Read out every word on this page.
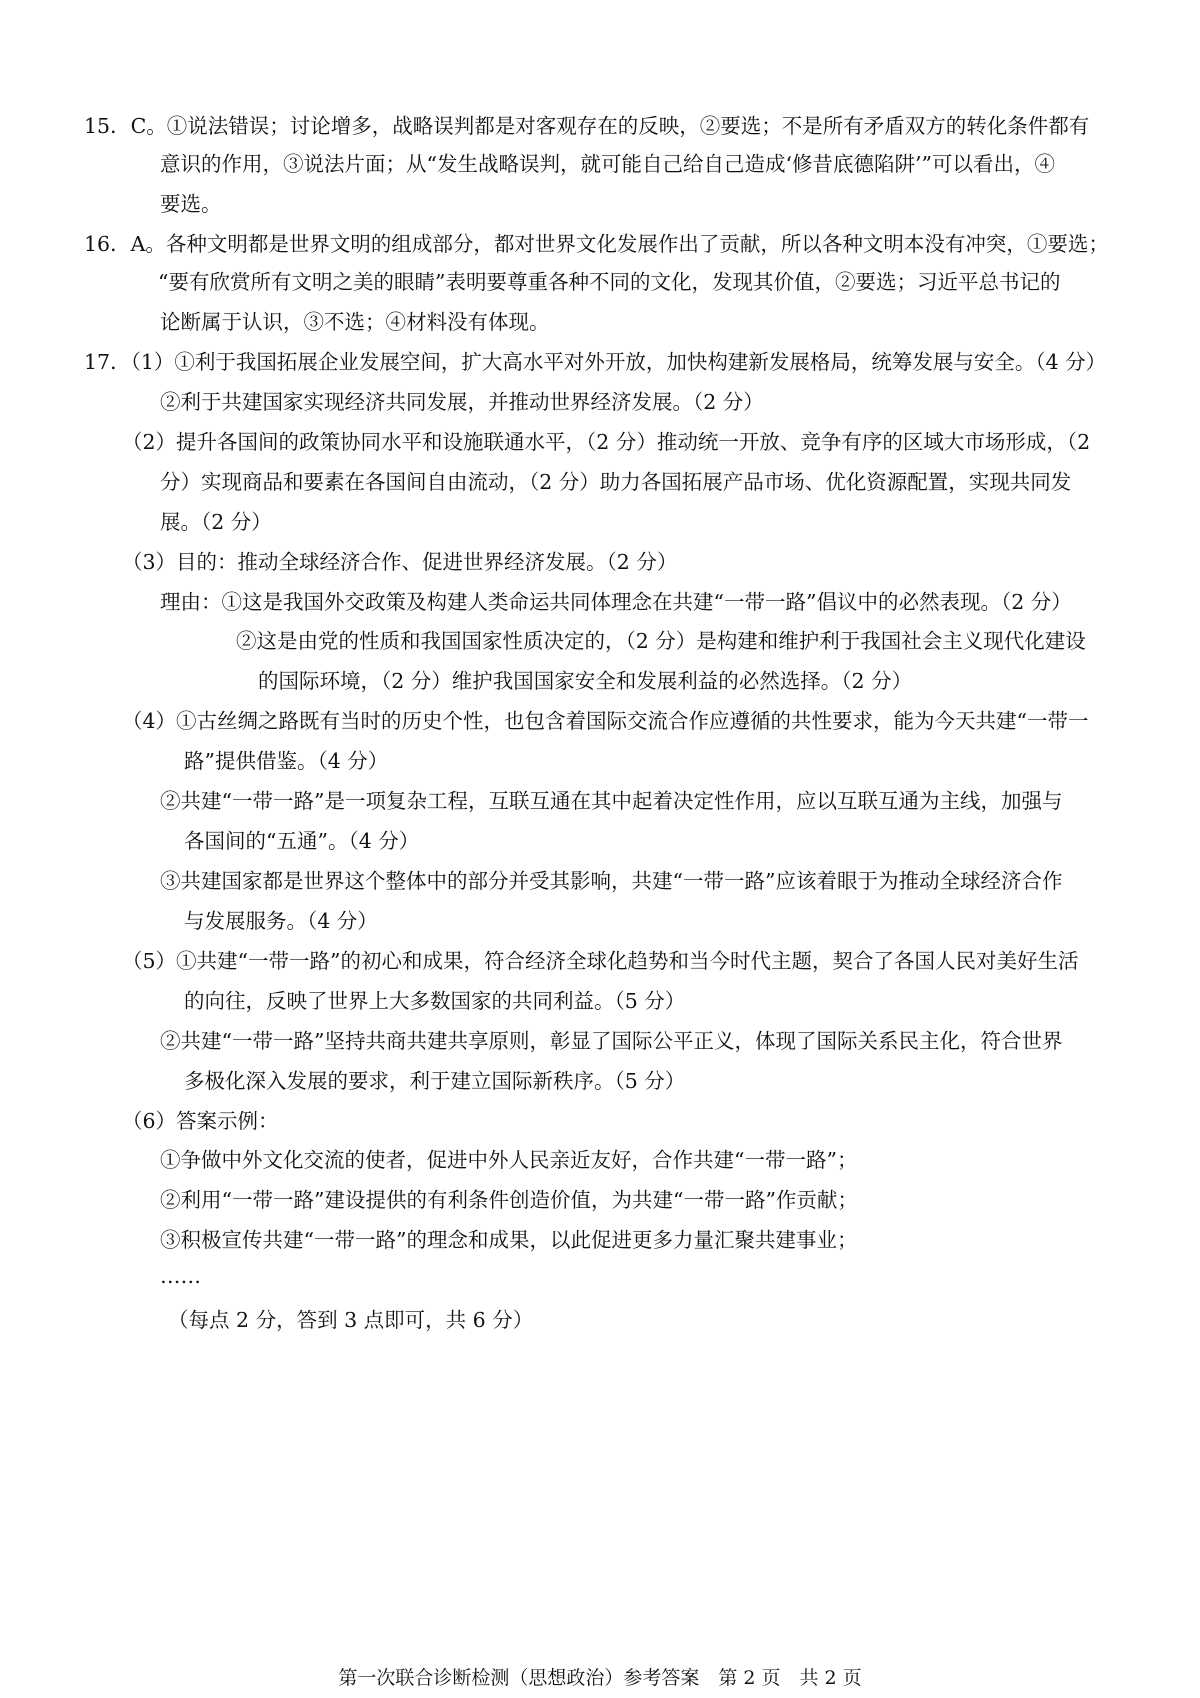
15．C。①说法错误；讨论增多，战略误判都是对客观存在的反映，②要选；不是所有矛盾双方的转化条件都有
意识的作用，③说法片面；从“发生战略误判，就可能自己给自己造成‘修昔底德陷阱’”可以看出，④
要选。
16．A。各种文明都是世界文明的组成部分，都对世界文化发展作出了贡献，所以各种文明本没有冲突，①要选；
“要有欣赏所有文明之美的眼睛”表明要尊重各种不同的文化，发现其价值，②要选；习近平总书记的
论断属于认识，③不选；④材料没有体现。
17．（1）①利于我国拓展企业发展空间，扩大高水平对外开放，加快构建新发展格局，统筹发展与安全。（4 分）
②利于共建国家实现经济共同发展，并推动世界经济发展。（2 分）
（2）提升各国间的政策协同水平和设施联通水平，（2 分）推动统一开放、竞争有序的区域大市场形成，（2
分）实现商品和要素在各国间自由流动，（2 分）助力各国拓展产品市场、优化资源配置，实现共同发
展。（2 分）
（3）目的：推动全球经济合作、促进世界经济发展。（2 分）
理由：①这是我国外交政策及构建人类命运共同体理念在共建“一带一路”倡议中的必然表现。（2 分）
②这是由党的性质和我国国家性质决定的，（2 分）是构建和维护利于我国社会主义现代化建设
的国际环境，（2 分）维护我国国家安全和发展利益的必然选择。（2 分）
（4）①古丝绸之路既有当时的历史个性，也包含着国际交流合作应遵循的共性要求，能为今天共建“一带一
路”提供借鉴。（4 分）
②共建“一带一路”是一项复杂工程，互联互通在其中起着决定性作用，应以互联互通为主线，加强与
各国间的“五通”。（4 分）
③共建国家都是世界这个整体中的部分并受其影响，共建“一带一路”应该着眼于为推动全球经济合作
与发展服务。（4 分）
（5）①共建“一带一路”的初心和成果，符合经济全球化趋势和当今时代主题，契合了各国人民对美好生活
的向往，反映了世界上大多数国家的共同利益。（5 分）
②共建“一带一路”坚持共商共建共享原则，彰显了国际公平正义，体现了国际关系民主化，符合世界
多极化深入发展的要求，利于建立国际新秩序。（5 分）
（6）答案示例：
①争做中外文化交流的使者，促进中外人民亲近友好，合作共建“一带一路”；
②利用“一带一路”建设提供的有利条件创造价值，为共建“一带一路”作贡献；
③积极宣传共建“一带一路”的理念和成果，以此促进更多力量汇聚共建事业；
……
（每点 2 分，答到 3 点即可，共 6 分）
第一次联合诊断检测（思想政治）参考答案　第 2 页　共 2 页
